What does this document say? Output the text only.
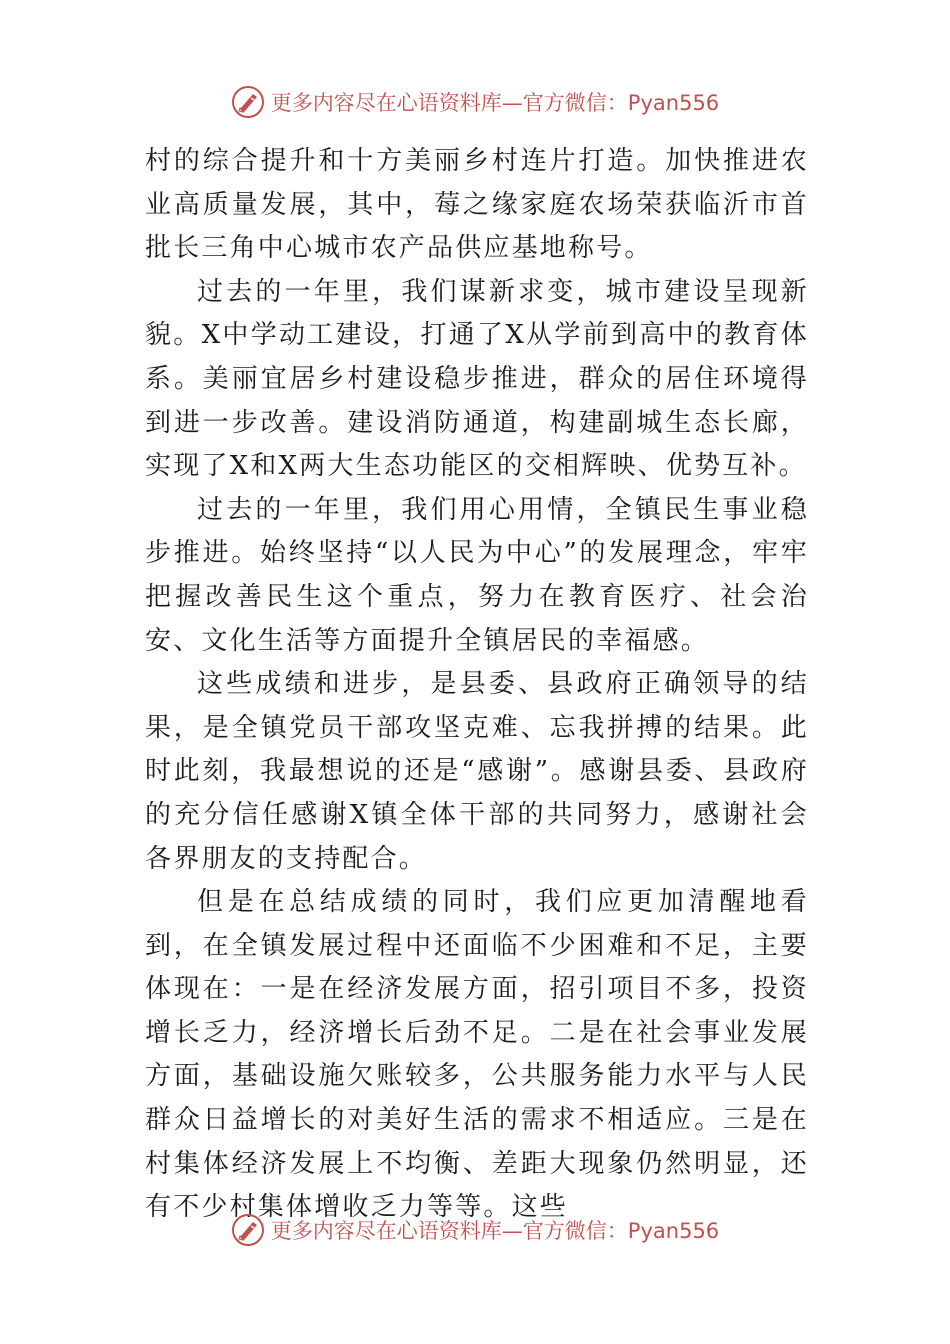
更多内容尽在心语资料库—官方微信：Pyan556

村的综合提升和十方美丽乡村连片打造。加快推进农业高质量发展，其中，莓之缘家庭农场荣获临沂市首批长三角中心城市农产品供应基地称号。

过去的一年里，我们谋新求变，城市建设呈现新貌。X中学动工建设，打通了X从学前到高中的教育体系。美丽宜居乡村建设稳步推进，群众的居住环境得到进一步改善。建设消防通道，构建副城生态长廊，实现了X和X两大生态功能区的交相辉映、优势互补。

过去的一年里，我们用心用情，全镇民生事业稳步推进。始终坚持“以人民为中心”的发展理念，牢牢把握改善民生这个重点，努力在教育医疗、社会治安、文化生活等方面提升全镇居民的幸福感。

这些成绩和进步，是县委、县政府正确领导的结果，是全镇党员干部攻坚克难、忘我拼搏的结果。此时此刻，我最想说的还是“感谢”。感谢县委、县政府的充分信任感谢X镇全体干部的共同努力，感谢社会各界朋友的支持配合。

但是在总结成绩的同时，我们应更加清醒地看到，在全镇发展过程中还面临不少困难和不足，主要体现在：一是在经济发展方面，招引项目不多，投资增长乏力，经济增长后劲不足。二是在社会事业发展方面，基础设施欠账较多，公共服务能力水平与人民群众日益增长的对美好生活的需求不相适应。三是在村集体经济发展上不均衡、差距大现象仍然明显，还有不少村集体增收乏力等等。这些

更多内容尽在心语资料库—官方微信：Pyan556
